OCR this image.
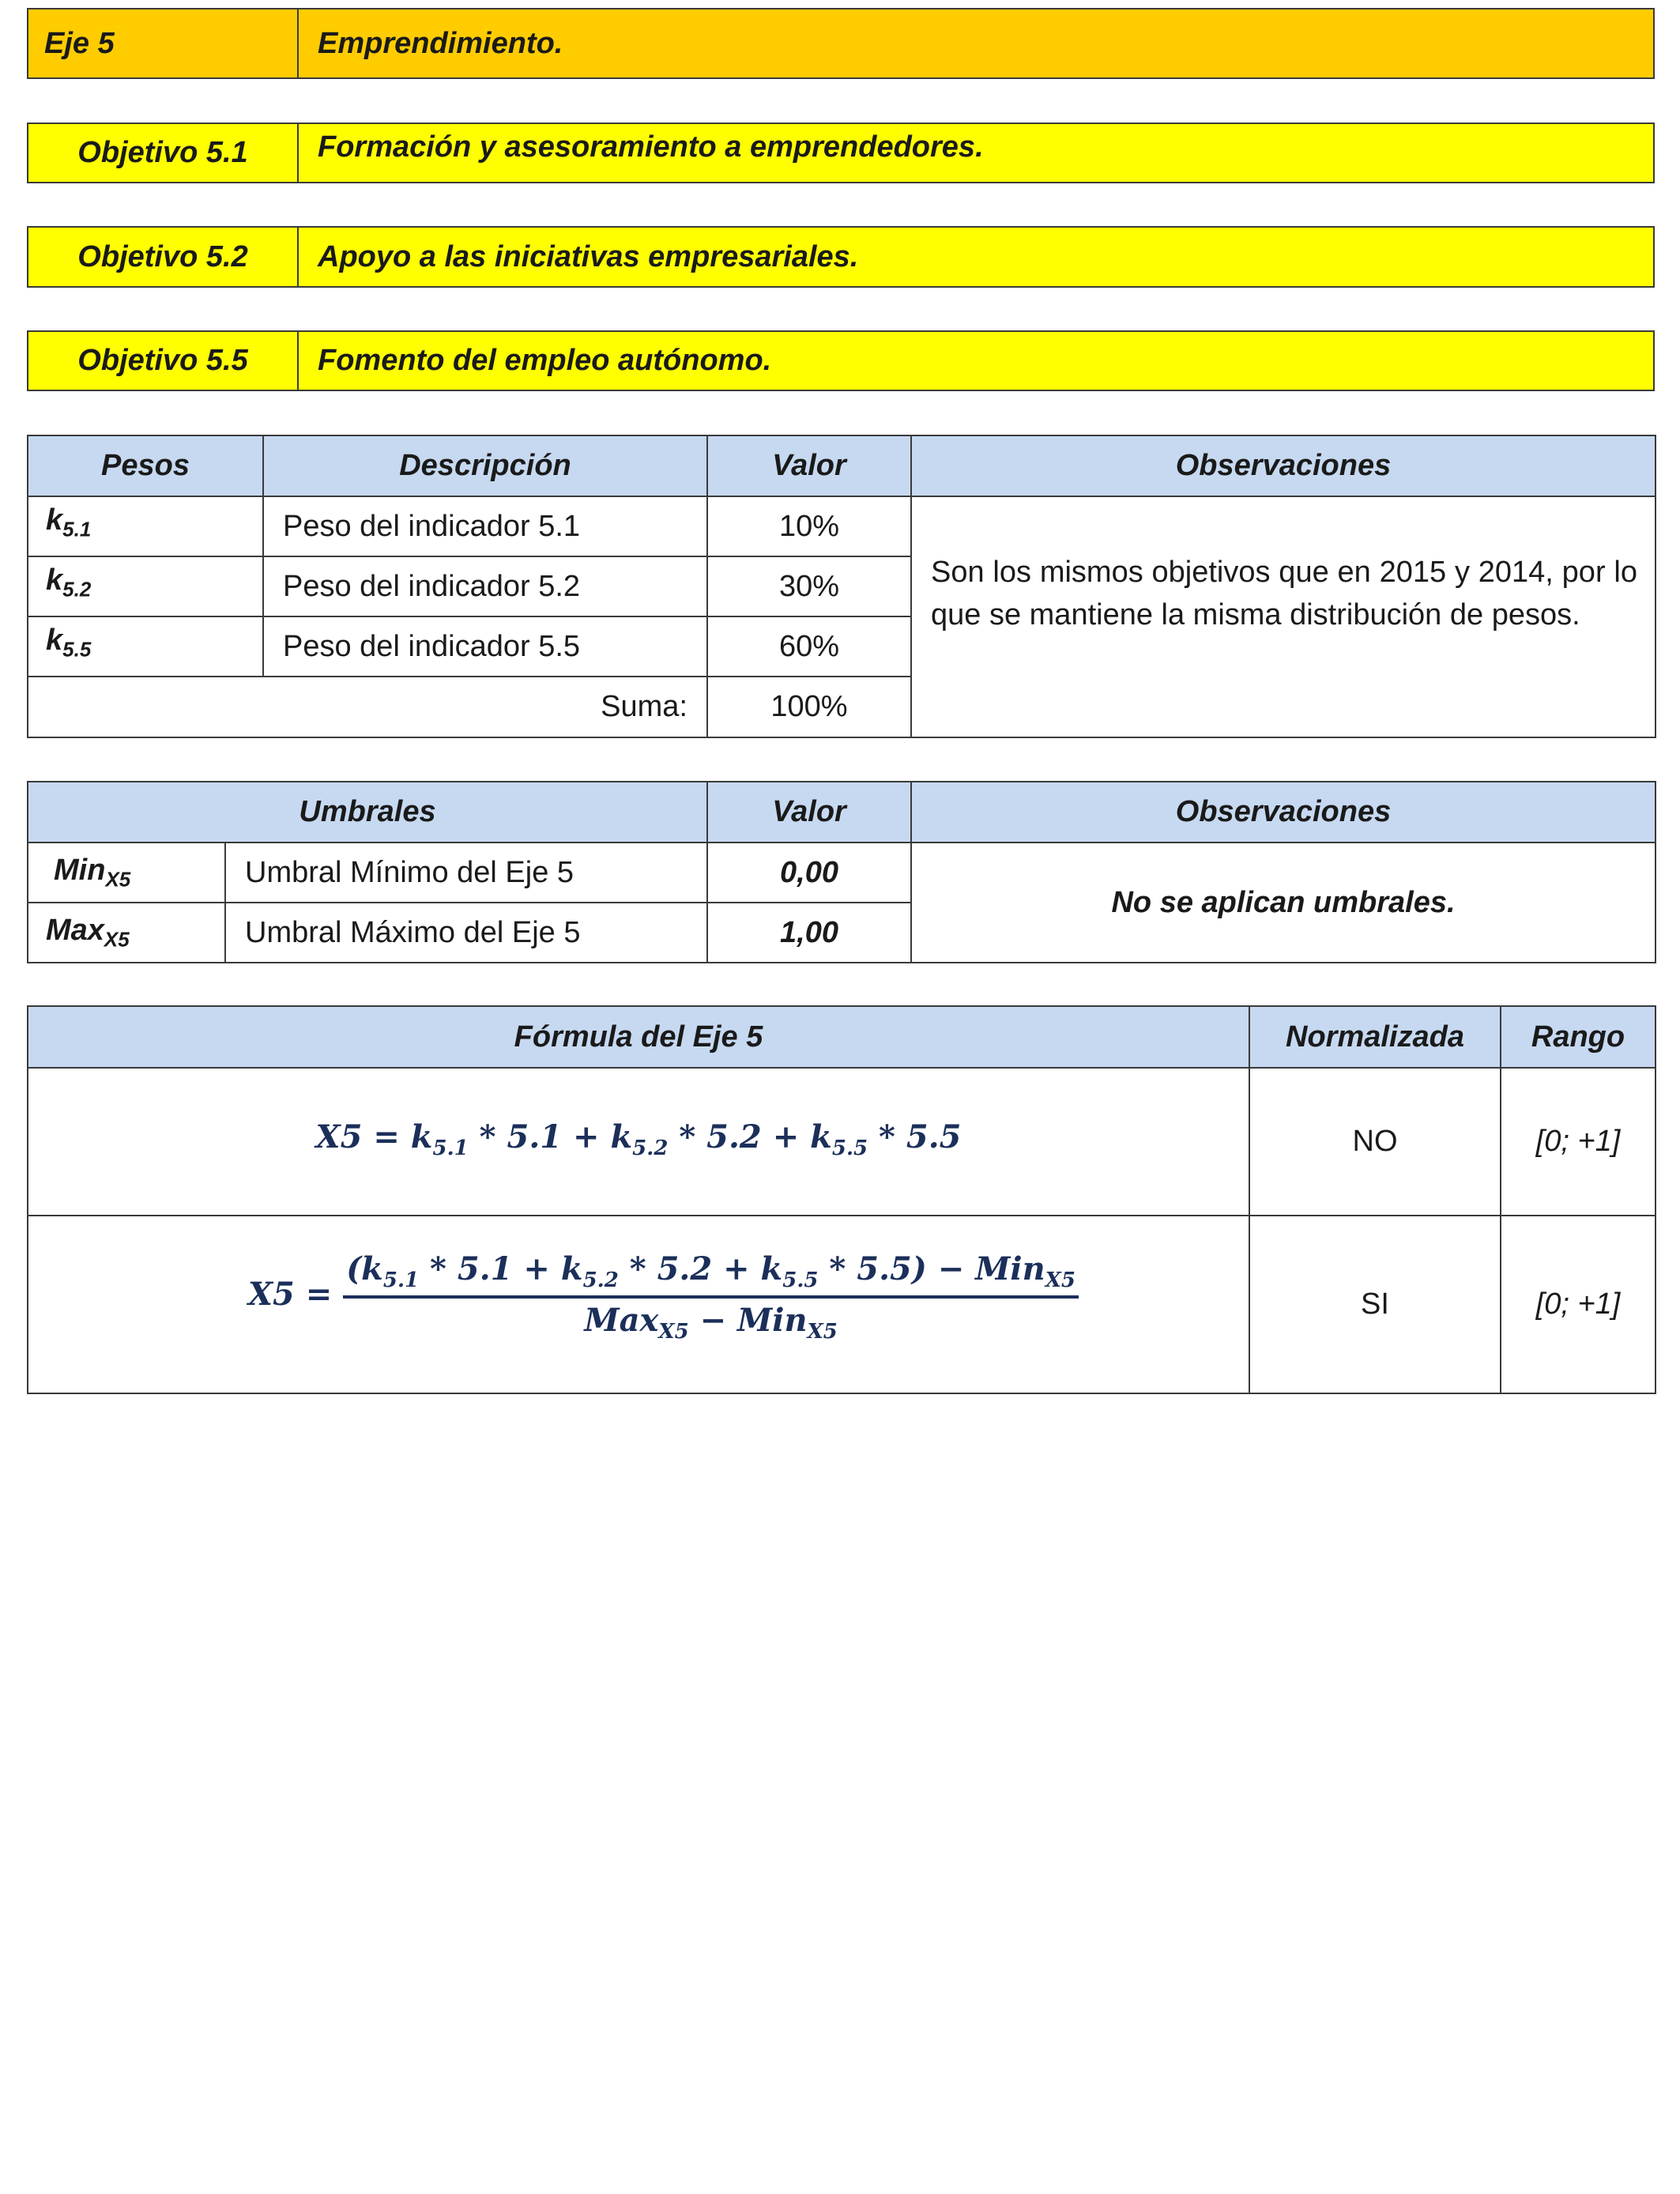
Eje 5	Emprendimiento.
Objetivo 5.1	Formación y asesoramiento a emprendedores.
Objetivo 5.2	Apoyo a las iniciativas empresariales.
Objetivo 5.5	Fomento del empleo autónomo.
Pesos	Descripción	Valor	Observaciones
$k_{5.1}$	Peso del indicador 5.1	10%	Son los mismos objetivos que en 2015 y 2014, por lo que se mantiene la misma distribución de pesos.
$k_{5.2}$	Peso del indicador 5.2	30%	
$k_{5.5}$	Peso del indicador 5.5	60%	
Suma:		100%	
Umbrales		Valor	Observaciones
Min$_{X5}$	Umbral Mínimo del Eje 5	0,00	No se aplican umbrales.
Max$_{X5}$	Umbral Máximo del Eje 5	1,00	
Fórmula del Eje 5	Normalizada	Rango
$X5 = k_{5.1} * 5.1 + k_{5.2} * 5.2 + k_{5.5} * 5.5$	NO	[0; +1]
$X5 = \frac{(k_{5.1} * 5.1 + k_{5.2} * 5.2 + k_{5.5} * 5.5) - Min_{X5}}{Max_{X5} - Min_{X5}}$	SI	[0; +1]
